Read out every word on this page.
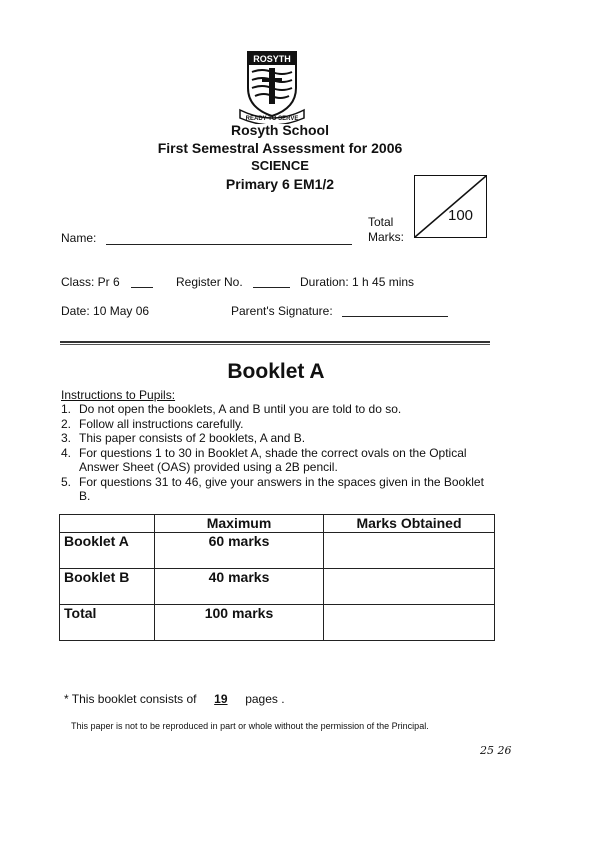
ROSYTH
READY TO SERVE
Rosyth School
First Semestral Assessment for 2006
SCIENCE
Primary 6 EM1/2
Total
Marks:
100
Name:
Class: Pr 6	Register No.	Duration: 1 h 45 mins
Date: 10 May 06	Parent's Signature:
Booklet A
Instructions to Pupils:
1. Do not open the booklets, A and B until you are told to do so.
2. Follow all instructions carefully.
3. This paper consists of 2 booklets, A and B.
4. For questions 1 to 30 in Booklet A, shade the correct ovals on the Optical Answer Sheet (OAS) provided using a 2B pencil.
5. For questions 31 to 46, give your answers in the spaces given in the Booklet B.
	Maximum	Marks Obtained
Booklet A	60 marks	
Booklet B	40 marks	
Total	100 marks	
* This booklet consists of 19 pages .
This paper is not to be reproduced in part or whole without the permission of the Principal.
25 26
